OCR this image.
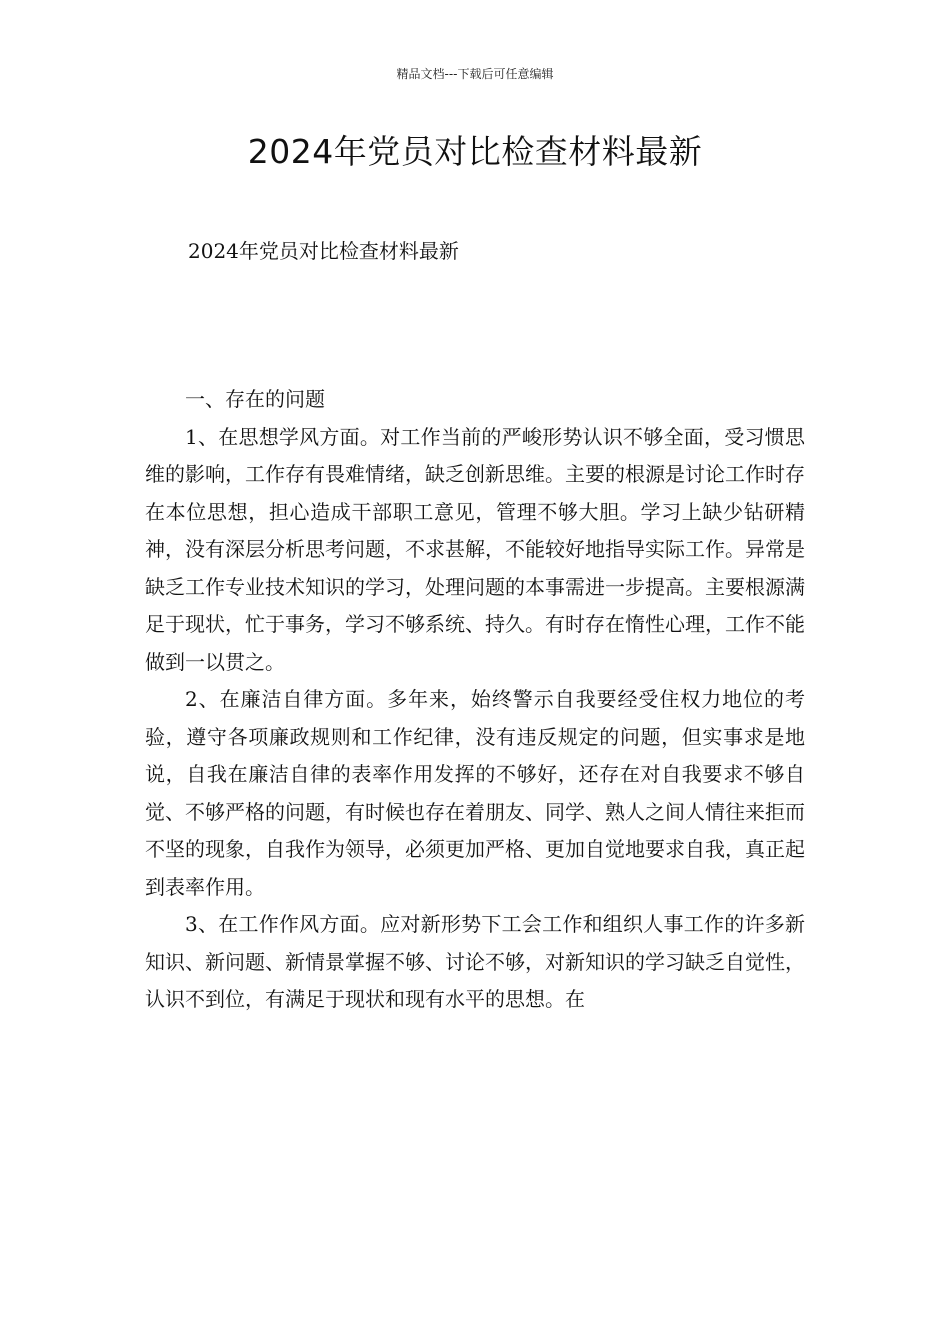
精品文档---下载后可任意编辑
2024年党员对比检查材料最新

2024年党员对比检查材料最新

一、存在的问题

1、在思想学风方面。对工作当前的严峻形势认识不够全面，受习惯思维的影响，工作存有畏难情绪，缺乏创新思维。主要的根源是讨论工作时存在本位思想，担心造成干部职工意见，管理不够大胆。学习上缺少钻研精神，没有深层分析思考问题，不求甚解，不能较好地指导实际工作。异常是缺乏工作专业技术知识的学习，处理问题的本事需进一步提高。主要根源满足于现状，忙于事务，学习不够系统、持久。有时存在惰性心理，工作不能做到一以贯之。

2、在廉洁自律方面。多年来，始终警示自我要经受住权力地位的考验，遵守各项廉政规则和工作纪律，没有违反规定的问题，但实事求是地说，自我在廉洁自律的表率作用发挥的不够好，还存在对自我要求不够自觉、不够严格的问题，有时候也存在着朋友、同学、熟人之间人情往来拒而不坚的现象，自我作为领导，必须更加严格、更加自觉地要求自我，真正起到表率作用。

3、在工作作风方面。应对新形势下工会工作和组织人事工作的许多新知识、新问题、新情景掌握不够、讨论不够，对新知识的学习缺乏自觉性，认识不到位，有满足于现状和现有水平的思想。在
